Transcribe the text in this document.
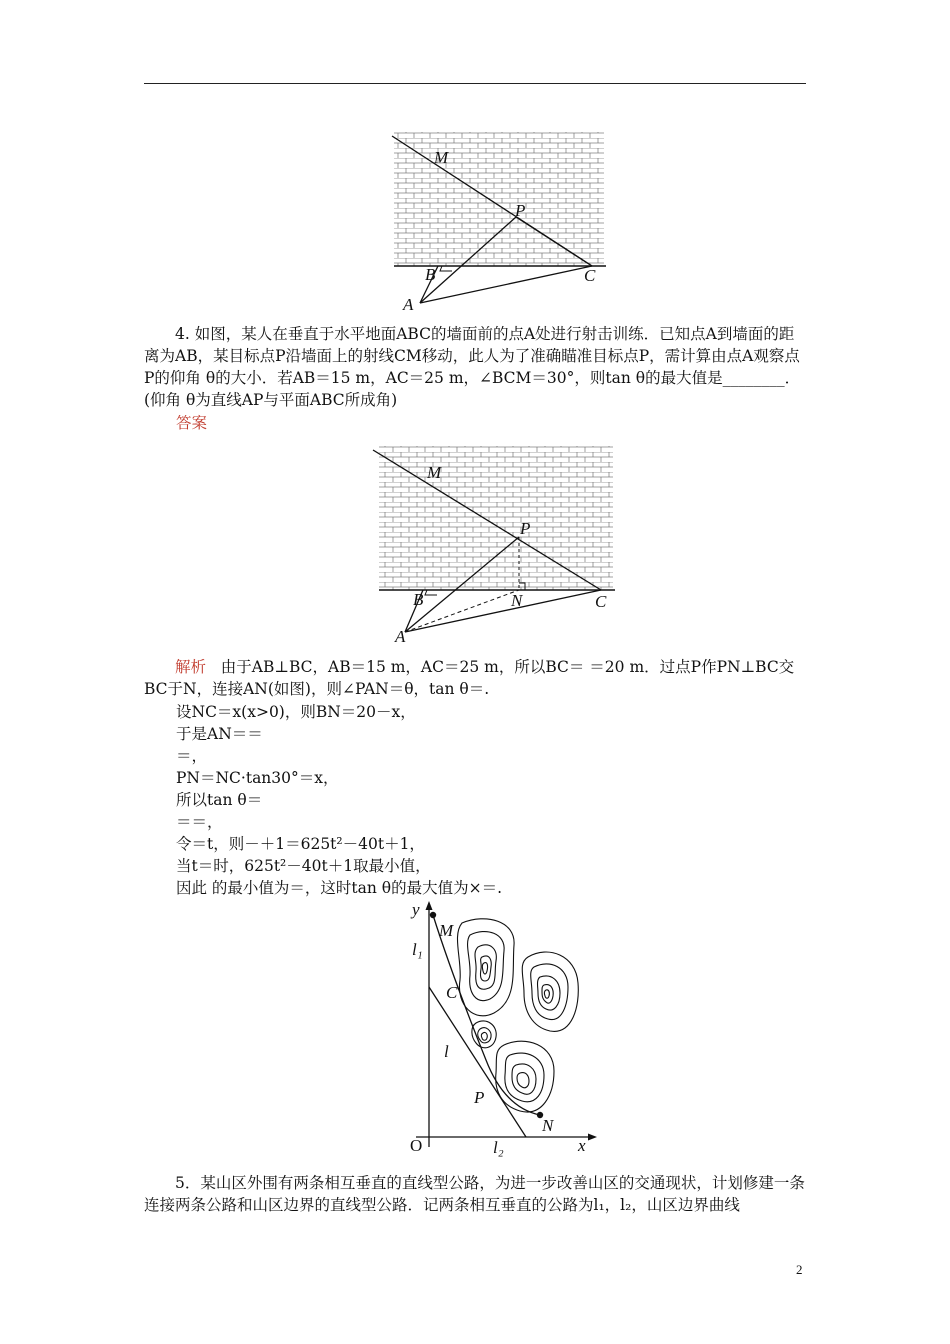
M
P
B	C
A
4. 如图，某人在垂直于水平地面ABC的墙面前的点A处进行射击训练．已知点A到墙面的距离为AB，某目标点P沿墙面上的射线CM移动，此人为了准确瞄准目标点P，需计算由点A观察点P的仰角 θ的大小．若AB＝15 m，AC＝25 m，∠BCM＝30°，则tan θ的最大值是________．(仰角 θ为直线AP与平面ABC所成角)
答案
M
P
B	N	C
A
解析 由于AB⊥BC，AB＝15 m，AC＝25 m，所以BC＝ ＝20 m．过点P作PN⊥BC交BC于N，连接AN(如图)，则∠PAN＝θ，tan θ＝.
设NC＝x(x>0)，则BN＝20－x，
于是AN＝＝
＝，
PN＝NC·tan30°＝x，
所以tan θ＝
＝＝，
令＝t，则－＋1＝625t²－40t＋1，
当t＝时，625t²－40t＋1取最小值，
因此 的最小值为＝，这时tan θ的最大值为×＝.
y
M
l₁
C
l
P
N
O	l₂	x
5．某山区外围有两条相互垂直的直线型公路，为进一步改善山区的交通现状，计划修建一条连接两条公路和山区边界的直线型公路．记两条相互垂直的公路为l₁，l₂，山区边界曲线
2
